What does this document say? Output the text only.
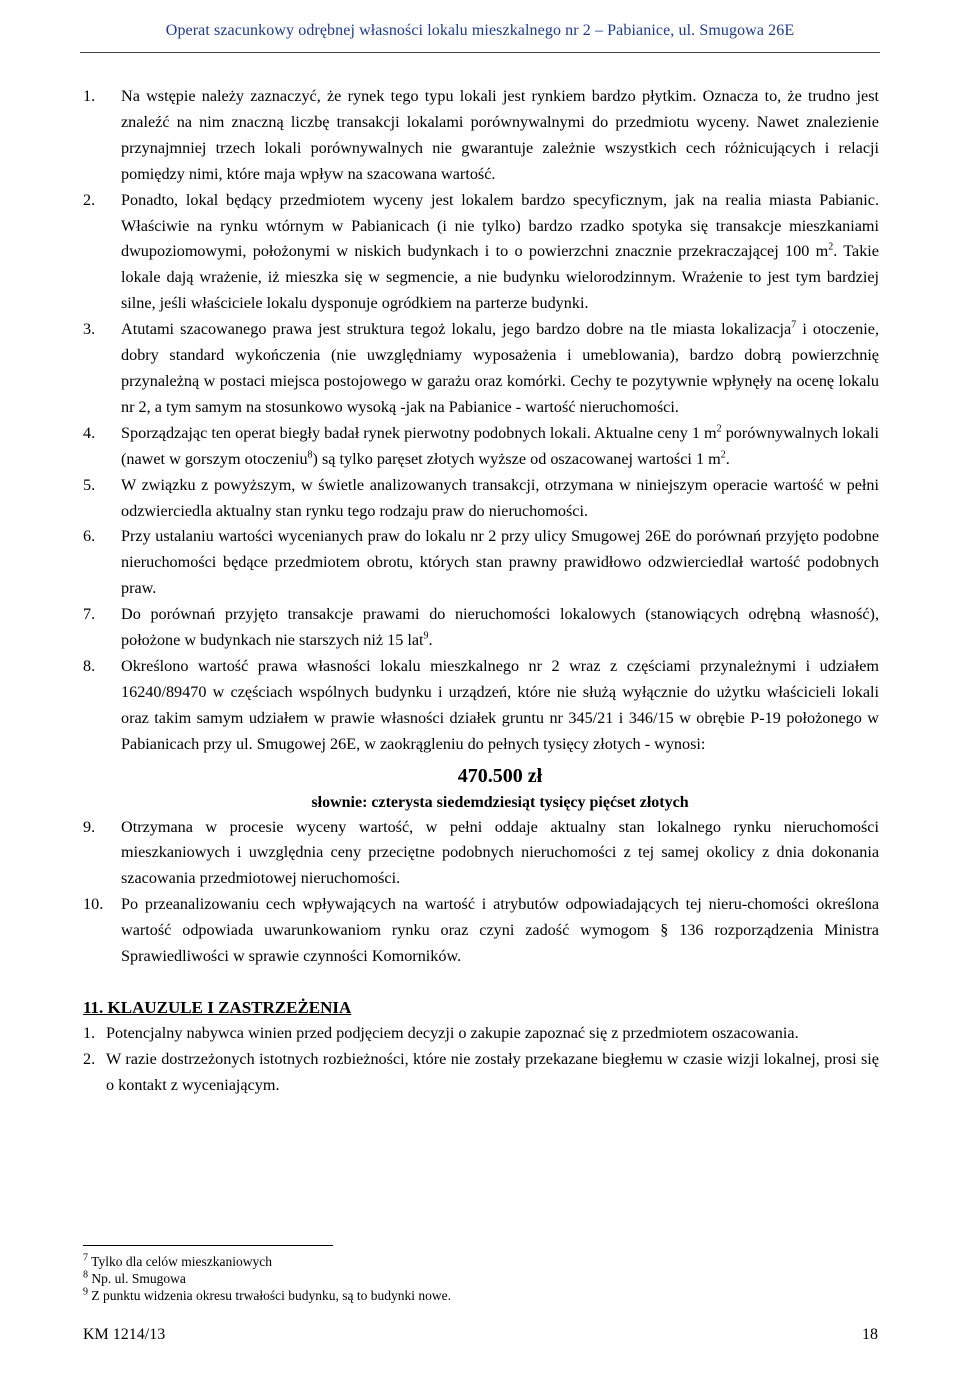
Operat szacunkowy odrębnej własności lokalu mieszkalnego nr 2 – Pabianice, ul. Smugowa 26E
1.	Na wstępie należy zaznaczyć, że rynek tego typu lokali jest rynkiem bardzo płytkim. Oznacza to, że trudno jest znaleźć na nim znaczną liczbę transakcji lokalami porównywalnymi do przedmiotu wyceny. Nawet znalezienie przynajmniej trzech lokali porównywalnych nie gwarantuje zależnie wszystkich cech różnicujących i relacji pomiędzy nimi, które maja wpływ na szacowana wartość.
2.	Ponadto, lokal będący przedmiotem wyceny jest lokalem bardzo specyficznym, jak na realia miasta Pabianic. Właściwie na rynku wtórnym w Pabianicach (i nie tylko) bardzo rzadko spotyka się transakcje mieszkaniami dwupoziomowymi, położonymi w niskich budynkach i to o powierzchni znacznie przekraczającej 100 $m^2$. Takie lokale dają wrażenie, iż mieszka się w segmencie, a nie budynku wielorodzinnym. Wrażenie to jest tym bardziej silne, jeśli właściciele lokalu dysponuje ogródkiem na parterze budynki.
3.	Atutami szacowanego prawa jest struktura tegoż lokalu, jego bardzo dobre na tle miasta lokalizacja$^7$ i otoczenie, dobry standard wykończenia (nie uwzględniamy wyposażenia i umeblowania), bardzo dobrą powierzchnię przynależną w postaci miejsca postojowego w garażu oraz komórki. Cechy te pozytywnie wpłynęły na ocenę lokalu nr 2, a tym samym na stosunkowo wysoką -jak na Pabianice - wartość nieruchomości.
4.	Sporządzając ten operat biegły badał rynek pierwotny podobnych lokali. Aktualne ceny 1 $m^2$ porównywalnych lokali (nawet w gorszym otoczeniu$^8$) są tylko paręset złotych wyższe od oszacowanej wartości 1 $m^2$.
5.	W związku z powyższym, w świetle analizowanych transakcji, otrzymana w niniejszym operacie wartość w pełni odzwierciedla aktualny stan rynku tego rodzaju praw do nieruchomości.
6.	Przy ustalaniu wartości wycenianych praw do lokalu nr 2 przy ulicy Smugowej 26E do porównań przyjęto podobne nieruchomości będące przedmiotem obrotu, których stan prawny prawidłowo odzwierciedlał wartość podobnych praw.
7.	Do porównań przyjęto transakcje prawami do nieruchomości lokalowych (stanowiących odrębną własność), położone w budynkach nie starszych niż 15 lat$^9$.
8.	Określono wartość prawa własności lokalu mieszkalnego nr 2 wraz z częściami przynależnymi i udziałem 16240/89470 w częściach wspólnych budynku i urządzeń, które nie służą wyłącznie do użytku właścicieli lokali oraz takim samym udziałem w prawie własności działek gruntu nr 345/21 i 346/15 w obrębie P-19 położonego w Pabianicach przy ul. Smugowej 26E, w zaokrągleniu do pełnych tysięcy złotych - wynosi:
470.500 zł
słownie: czterysta siedemdziesiąt tysięcy pięćset złotych
9.	Otrzymana w procesie wyceny wartość, w pełni oddaje aktualny stan lokalnego rynku nieruchomości mieszkaniowych i uwzględnia ceny przeciętne podobnych nieruchomości z tej samej okolicy z dnia dokonania szacowania przedmiotowej nieruchomości.
10.	Po przeanalizowaniu cech wpływających na wartość i atrybutów odpowiadających tej nieru-chomości określona wartość odpowiada uwarunkowaniom rynku oraz czyni zadość wymogom § 136 rozporządzenia Ministra Sprawiedliwości w sprawie czynności Komorników.
11. KLAUZULE I ZASTRZEŻENIA
1. Potencjalny nabywca winien przed podjęciem decyzji o zakupie zapoznać się z przedmiotem oszacowania.
2. W razie dostrzeżonych istotnych rozbieżności, które nie zostały przekazane biegłemu w czasie wizji lokalnej, prosi się o kontakt z wyceniającym.
$^7$ Tylko dla celów mieszkaniowych
$^8$ Np. ul. Smugowa
$^9$ Z punktu widzenia okresu trwałości budynku, są to budynki nowe.
KM 1214/13	18
